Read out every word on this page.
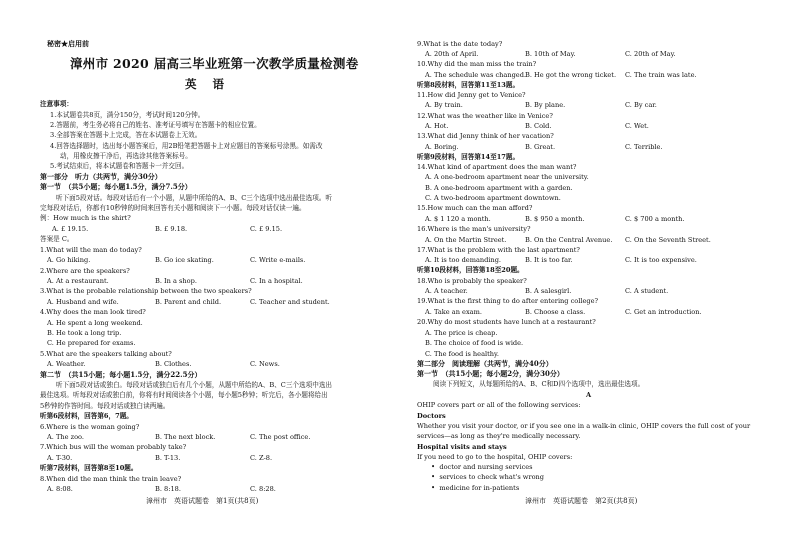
秘密★启用前
漳州市 2020 届高三毕业班第一次教学质量检测卷
英 语
注意事项：
1.本试题卷共8页，满分150分，考试时间120分钟。
2.答题前，考生务必将自己的姓名、准考证号填写在答题卡的相应位置。
3.全部答案在答题卡上完成，答在本试题卷上无效。
4.回答选择题时，选出每小题答案后，用2B铅笔把答题卡上对应题目的答案标号涂黑。如需改
动，用橡皮擦干净后，再选涂其他答案标号。
5.考试结束后，将本试题卷和答题卡一并交回。
第一部分　听力（共两节，满分30分）
第一节　（共5小题；每小题1.5分，满分7.5分）
听下面5段对话。每段对话后有一个小题，从题中所给的A、B、C三个选项中选出最佳选项。听
完每段对话后，你都有10秒钟的时间来回答有关小题和阅读下一小题。每段对话仅读一遍。
例：How much is the shirt?
A. £ 19.15.	B. £ 9.18.	C. £ 9.15.
答案是 C。
1.What will the man do today?
A. Go hiking.	B. Go ice skating.	C. Write e-mails.
2.Where are the speakers?
A. At a restaurant.	B. In a shop.	C. In a hospital.
3.What is the probable relationship between the two speakers?
A. Husband and wife.	B. Parent and child.	C. Teacher and student.
4.Why does the man look tired?
A. He spent a long weekend.
B. He took a long trip.
C. He prepared for exams.
5.What are the speakers talking about?
A. Weather.	B. Clothes.	C. News.
第二节　（共15小题；每小题1.5分，满分22.5分）
听下面5段对话或独白。每段对话或独白后有几个小题，从题中所给的A、B、C三个选项中选出
最佳选项。听每段对话或独白前，你将有时间阅读各个小题，每小题5秒钟；听完后，各小题将给出
5秒钟的作答时间。每段对话或独白读两遍。
听第6段材料，回答第6，7题。
6.Where is the woman going?
A. The zoo.	B. The next block.	C. The post office.
7.Which bus will the woman probably take?
A. T-30.	B. T-13.	C. Z-8.
听第7段材料，回答第8至10题。
8.When did the man think the train leave?
A. 8:08.	B. 8:18.	C. 8:28.
漳州市　英语试题卷　第1页(共8页)
9.What is the date today?
A. 20th of April.	B. 10th of May.	C. 20th of May.
10.Why did the man miss the train?
A. The schedule was changed.
B. He got the wrong ticket. C. The train was late.
听第8段材料，回答第11至13题。
11.How did Jenny get to Venice?
A. By train.	B. By plane.	C. By car.
12.What was the weather like in Venice?
A. Hot.	B. Cold.	C. Wet.
13.What did Jenny think of her vacation?
A. Boring.	B. Great.	C. Terrible.
听第9段材料，回答第14至17题。
14.What kind of apartment does the man want?
A. A one-bedroom apartment near the university.
B. A one-bedroom apartment with a garden.
C. A two-bedroom apartment downtown.
15.How much can the man afford?
A. $ 1 120 a month.	B. $ 950 a month.	C. $ 700 a month.
16.Where is the man's university?
A. On the Martin Street.	B. On the Central Avenue. C. On the Seventh Street.
17.What is the problem with the last apartment?
A. It is too demanding.	B. It is too far.	C. It is too expensive.
听第10段材料，回答第18至20题。
18.Who is probably the speaker?
A. A teacher.	B. A salesgirl.	C. A student.
19.What is the first thing to do after entering college?
A. Take an exam.	B. Choose a class.	C. Get an introduction.
20.Why do most students have lunch at a restaurant?
A. The price is cheap.
B. The choice of food is wide.
C. The food is healthy.
第二部分　阅读理解（共两节，满分40分）
第一节　（共15小题；每小题2分，满分30分）
阅读下列短文，从每题所给的A、B、C和D四个选项中，选出最佳选项。
A
OHIP covers part or all of the following services:
Doctors
Whether you visit your doctor, or if you see one in a walk-in clinic, OHIP covers the full cost of your
services—as long as they're medically necessary.
Hospital visits and stays
If you need to go to the hospital, OHIP covers:
• doctor and nursing services
• services to check what's wrong
• medicine for in-patients
漳州市　英语试题卷　第2页(共8页)
